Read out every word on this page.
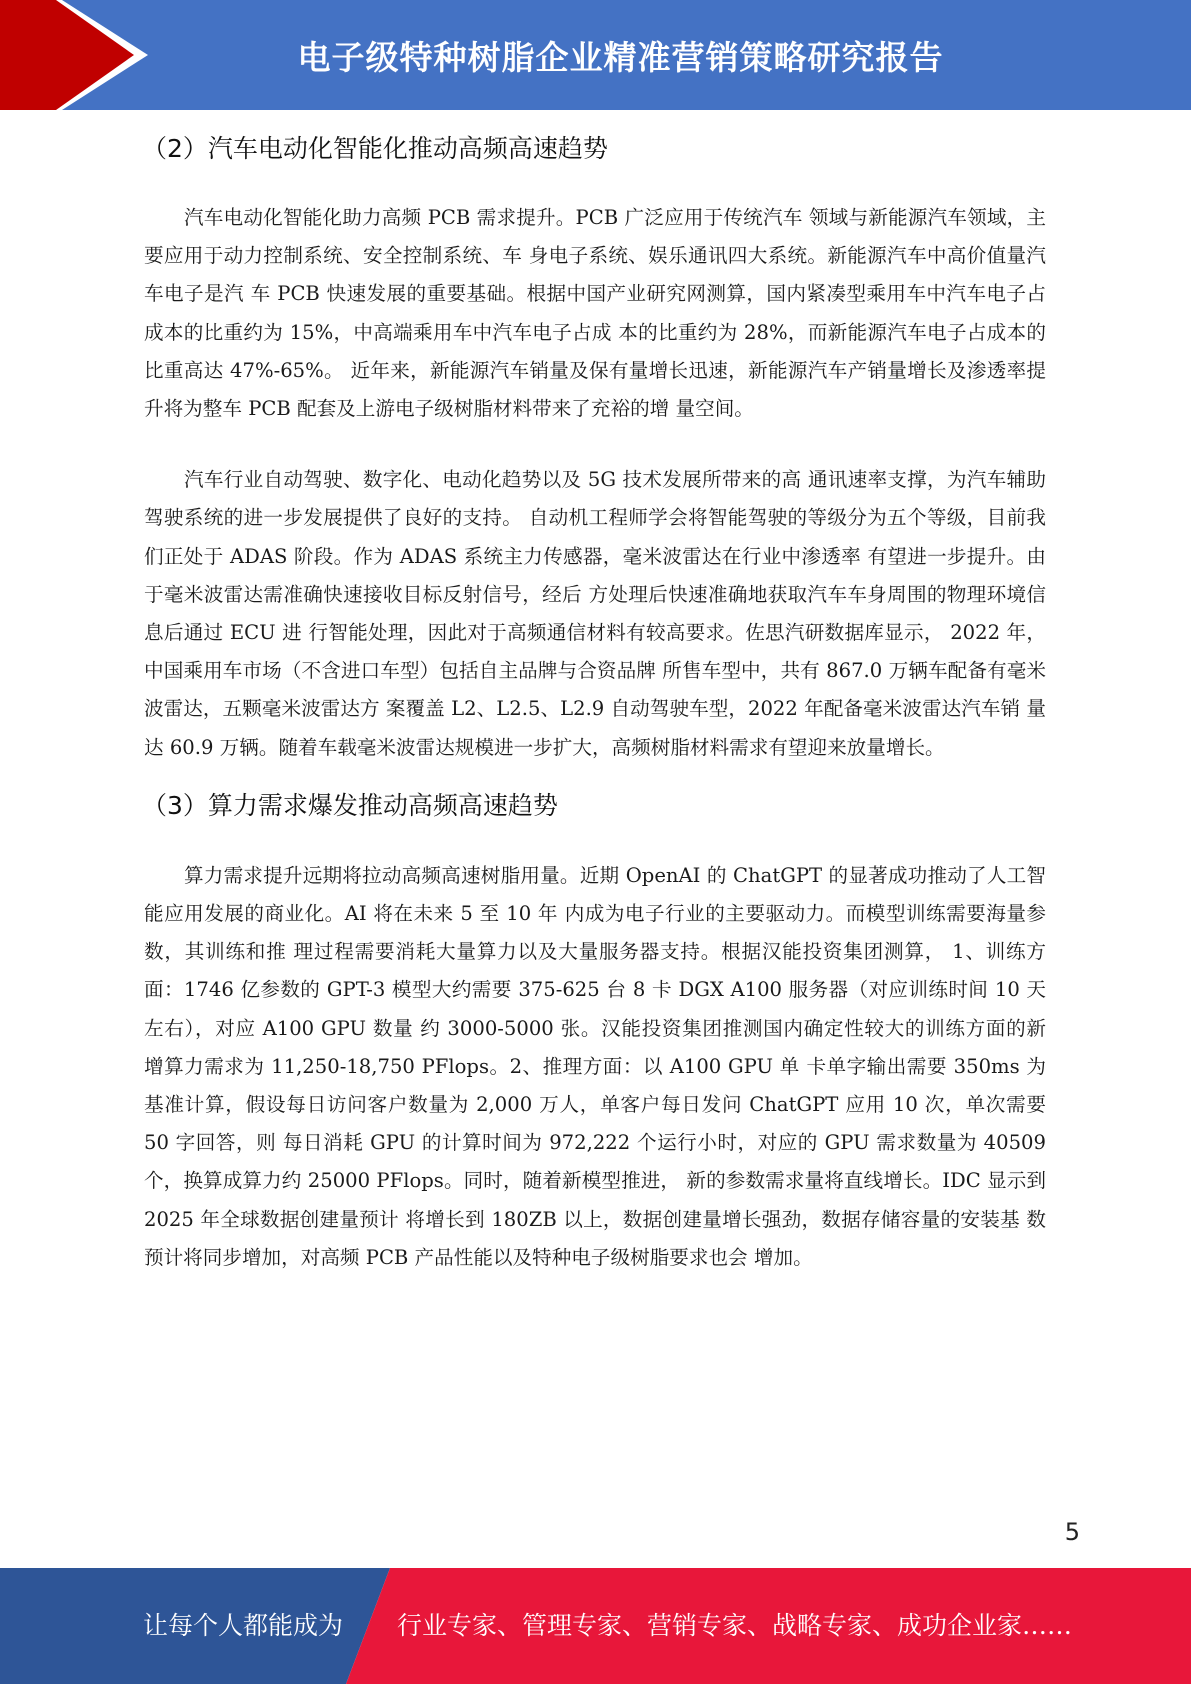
电子级特种树脂企业精准营销策略研究报告
（2）汽车电动化智能化推动高频高速趋势

汽车电动化智能化助力高频 PCB 需求提升。PCB 广泛应用于传统汽车 领域与新能源汽车领域，主要应用于动力控制系统、安全控制系统、车 身电子系统、娱乐通讯四大系统。新能源汽车中高价值量汽车电子是汽 车 PCB 快速发展的重要基础。根据中国产业研究网测算，国内紧凑型乘用车中汽车电子占成本的比重约为 15%，中高端乘用车中汽车电子占成 本的比重约为 28%，而新能源汽车电子占成本的比重高达 47%-65%。 近年来，新能源汽车销量及保有量增长迅速，新能源汽车产销量增长及渗透率提升将为整车 PCB 配套及上游电子级树脂材料带来了充裕的增 量空间。

汽车行业自动驾驶、数字化、电动化趋势以及 5G 技术发展所带来的高 通讯速率支撑，为汽车辅助驾驶系统的进一步发展提供了良好的支持。 自动机工程师学会将智能驾驶的等级分为五个等级，目前我们正处于 ADAS 阶段。作为 ADAS 系统主力传感器，毫米波雷达在行业中渗透率 有望进一步提升。由于毫米波雷达需准确快速接收目标反射信号，经后 方处理后快速准确地获取汽车车身周围的物理环境信息后通过 ECU 进 行智能处理，因此对于高频通信材料有较高要求。佐思汽研数据库显示， 2022 年，中国乘用车市场（不含进口车型）包括自主品牌与合资品牌 所售车型中，共有 867.0 万辆车配备有毫米波雷达，五颗毫米波雷达方 案覆盖 L2、L2.5、L2.9 自动驾驶车型，2022 年配备毫米波雷达汽车销 量达 60.9 万辆。随着车载毫米波雷达规模进一步扩大，高频树脂材料需求有望迎来放量增长。

（3）算力需求爆发推动高频高速趋势

算力需求提升远期将拉动高频高速树脂用量。近期 OpenAI 的 ChatGPT 的显著成功推动了人工智能应用发展的商业化。AI 将在未来 5 至 10 年 内成为电子行业的主要驱动力。而模型训练需要海量参数，其训练和推 理过程需要消耗大量算力以及大量服务器支持。根据汉能投资集团测算， 1、训练方面：1746 亿参数的 GPT-3 模型大约需要 375-625 台 8 卡 DGX A100 服务器（对应训练时间 10 天左右），对应 A100 GPU 数量 约 3000-5000 张。汉能投资集团推测国内确定性较大的训练方面的新 增算力需求为 11,250-18,750 PFlops。2、推理方面：以 A100 GPU 单 卡单字输出需要 350ms 为基准计算，假设每日访问客户数量为 2,000 万人，单客户每日发问 ChatGPT 应用 10 次，单次需要 50 字回答，则 每日消耗 GPU 的计算时间为 972,222 个运行小时，对应的 GPU 需求数量为 40509 个，换算成算力约 25000 PFlops。同时，随着新模型推进， 新的参数需求量将直线增长。IDC 显示到 2025 年全球数据创建量预计 将增长到 180ZB 以上，数据创建量增长强劲，数据存储容量的安装基 数预计将同步增加，对高频 PCB 产品性能以及特种电子级树脂要求也会 增加。

5
让每个人都能成为 行业专家、管理专家、营销专家、战略专家、成功企业家……
